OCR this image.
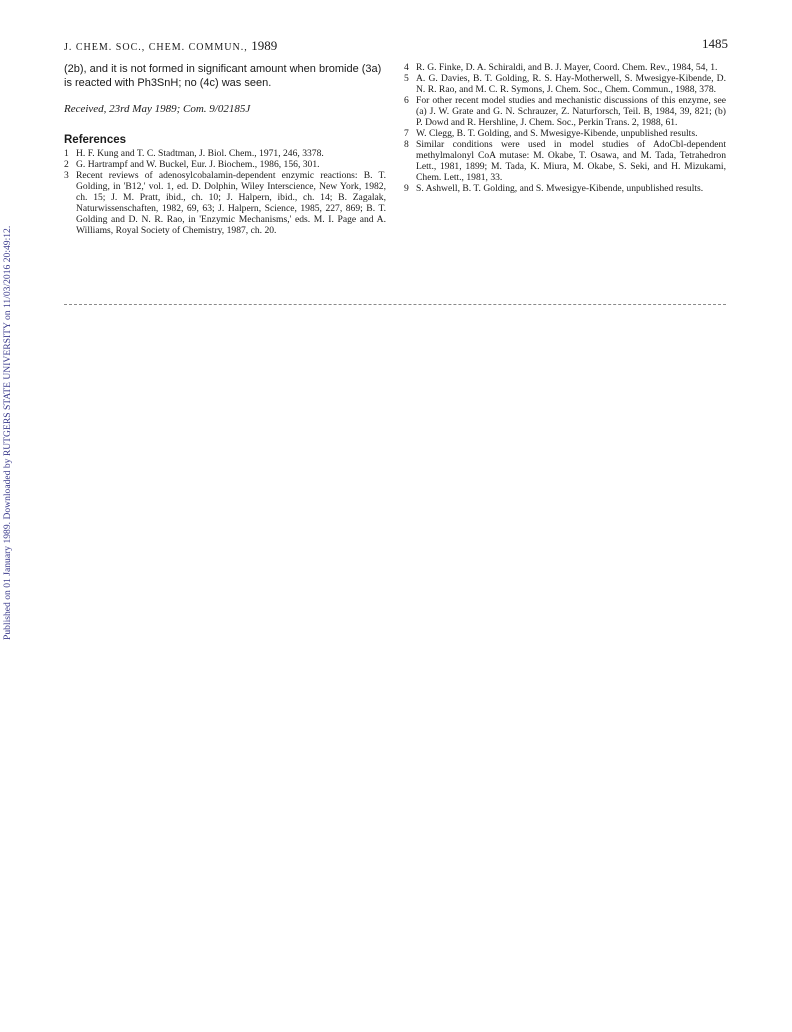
Published on 01 January 1989. Downloaded by RUTGERS STATE UNIVERSITY on 11/03/2016 20:49:12.
J. CHEM. SOC., CHEM. COMMUN., 1989	1485

(2b), and it is not formed in significant amount when bromide (3a) is reacted with Ph3SnH; no (4c) was seen.

Received, 23rd May 1989; Com. 9/02185J

References
1 H. F. Kung and T. C. Stadtman, J. Biol. Chem., 1971, 246, 3378.
2 G. Hartrampf and W. Buckel, Eur. J. Biochem., 1986, 156, 301.
3 Recent reviews of adenosylcobalamin-dependent enzymic reactions: B. T. Golding, in 'B12,' vol. 1, ed. D. Dolphin, Wiley Interscience, New York, 1982, ch. 15; J. M. Pratt, ibid., ch. 10; J. Halpern, ibid., ch. 14; B. Zagalak, Naturwissenschaften, 1982, 69, 63; J. Halpern, Science, 1985, 227, 869; B. T. Golding and D. N. R. Rao, in 'Enzymic Mechanisms,' eds. M. I. Page and A. Williams, Royal Society of Chemistry, 1987, ch. 20.
4 R. G. Finke, D. A. Schiraldi, and B. J. Mayer, Coord. Chem. Rev., 1984, 54, 1.
5 A. G. Davies, B. T. Golding, R. S. Hay-Motherwell, S. Mwesigye-Kibende, D. N. R. Rao, and M. C. R. Symons, J. Chem. Soc., Chem. Commun., 1988, 378.
6 For other recent model studies and mechanistic discussions of this enzyme, see (a) J. W. Grate and G. N. Schrauzer, Z. Naturforsch, Teil. B, 1984, 39, 821; (b) P. Dowd and R. Hershline, J. Chem. Soc., Perkin Trans. 2, 1988, 61.
7 W. Clegg, B. T. Golding, and S. Mwesigye-Kibende, unpublished results.
8 Similar conditions were used in model studies of AdoCbl-dependent methylmalonyl CoA mutase: M. Okabe, T. Osawa, and M. Tada, Tetrahedron Lett., 1981, 1899; M. Tada, K. Miura, M. Okabe, S. Seki, and H. Mizukami, Chem. Lett., 1981, 33.
9 S. Ashwell, B. T. Golding, and S. Mwesigye-Kibende, unpublished results.
